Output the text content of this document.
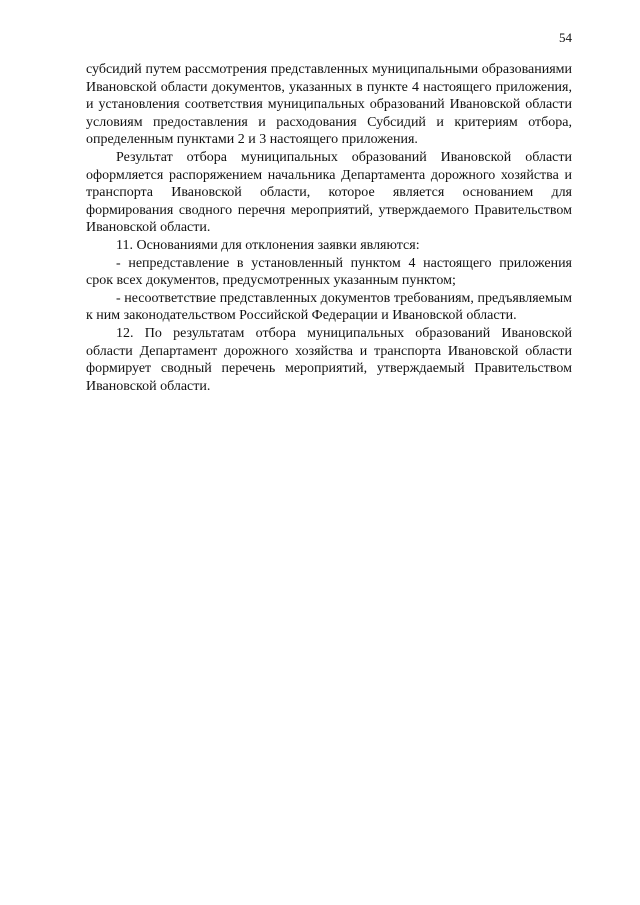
54

субсидий путем рассмотрения представленных муниципальными образованиями Ивановской области документов, указанных в пункте 4 настоящего приложения, и установления соответствия муниципальных образований Ивановской области условиям предоставления и расходования Субсидий и критериям отбора, определенным пунктами 2 и 3 настоящего приложения.

Результат отбора муниципальных образований Ивановской области оформляется распоряжением начальника Департамента дорожного хозяйства и транспорта Ивановской области, которое является основанием для формирования сводного перечня мероприятий, утверждаемого Правительством Ивановской области.

11. Основаниями для отклонения заявки являются:

- непредставление в установленный пунктом 4 настоящего приложения срок всех документов, предусмотренных указанным пунктом;

- несоответствие представленных документов требованиям, предъявляемым к ним законодательством Российской Федерации и Ивановской области.

12. По результатам отбора муниципальных образований Ивановской области Департамент дорожного хозяйства и транспорта Ивановской области формирует сводный перечень мероприятий, утверждаемый Правительством Ивановской области.
